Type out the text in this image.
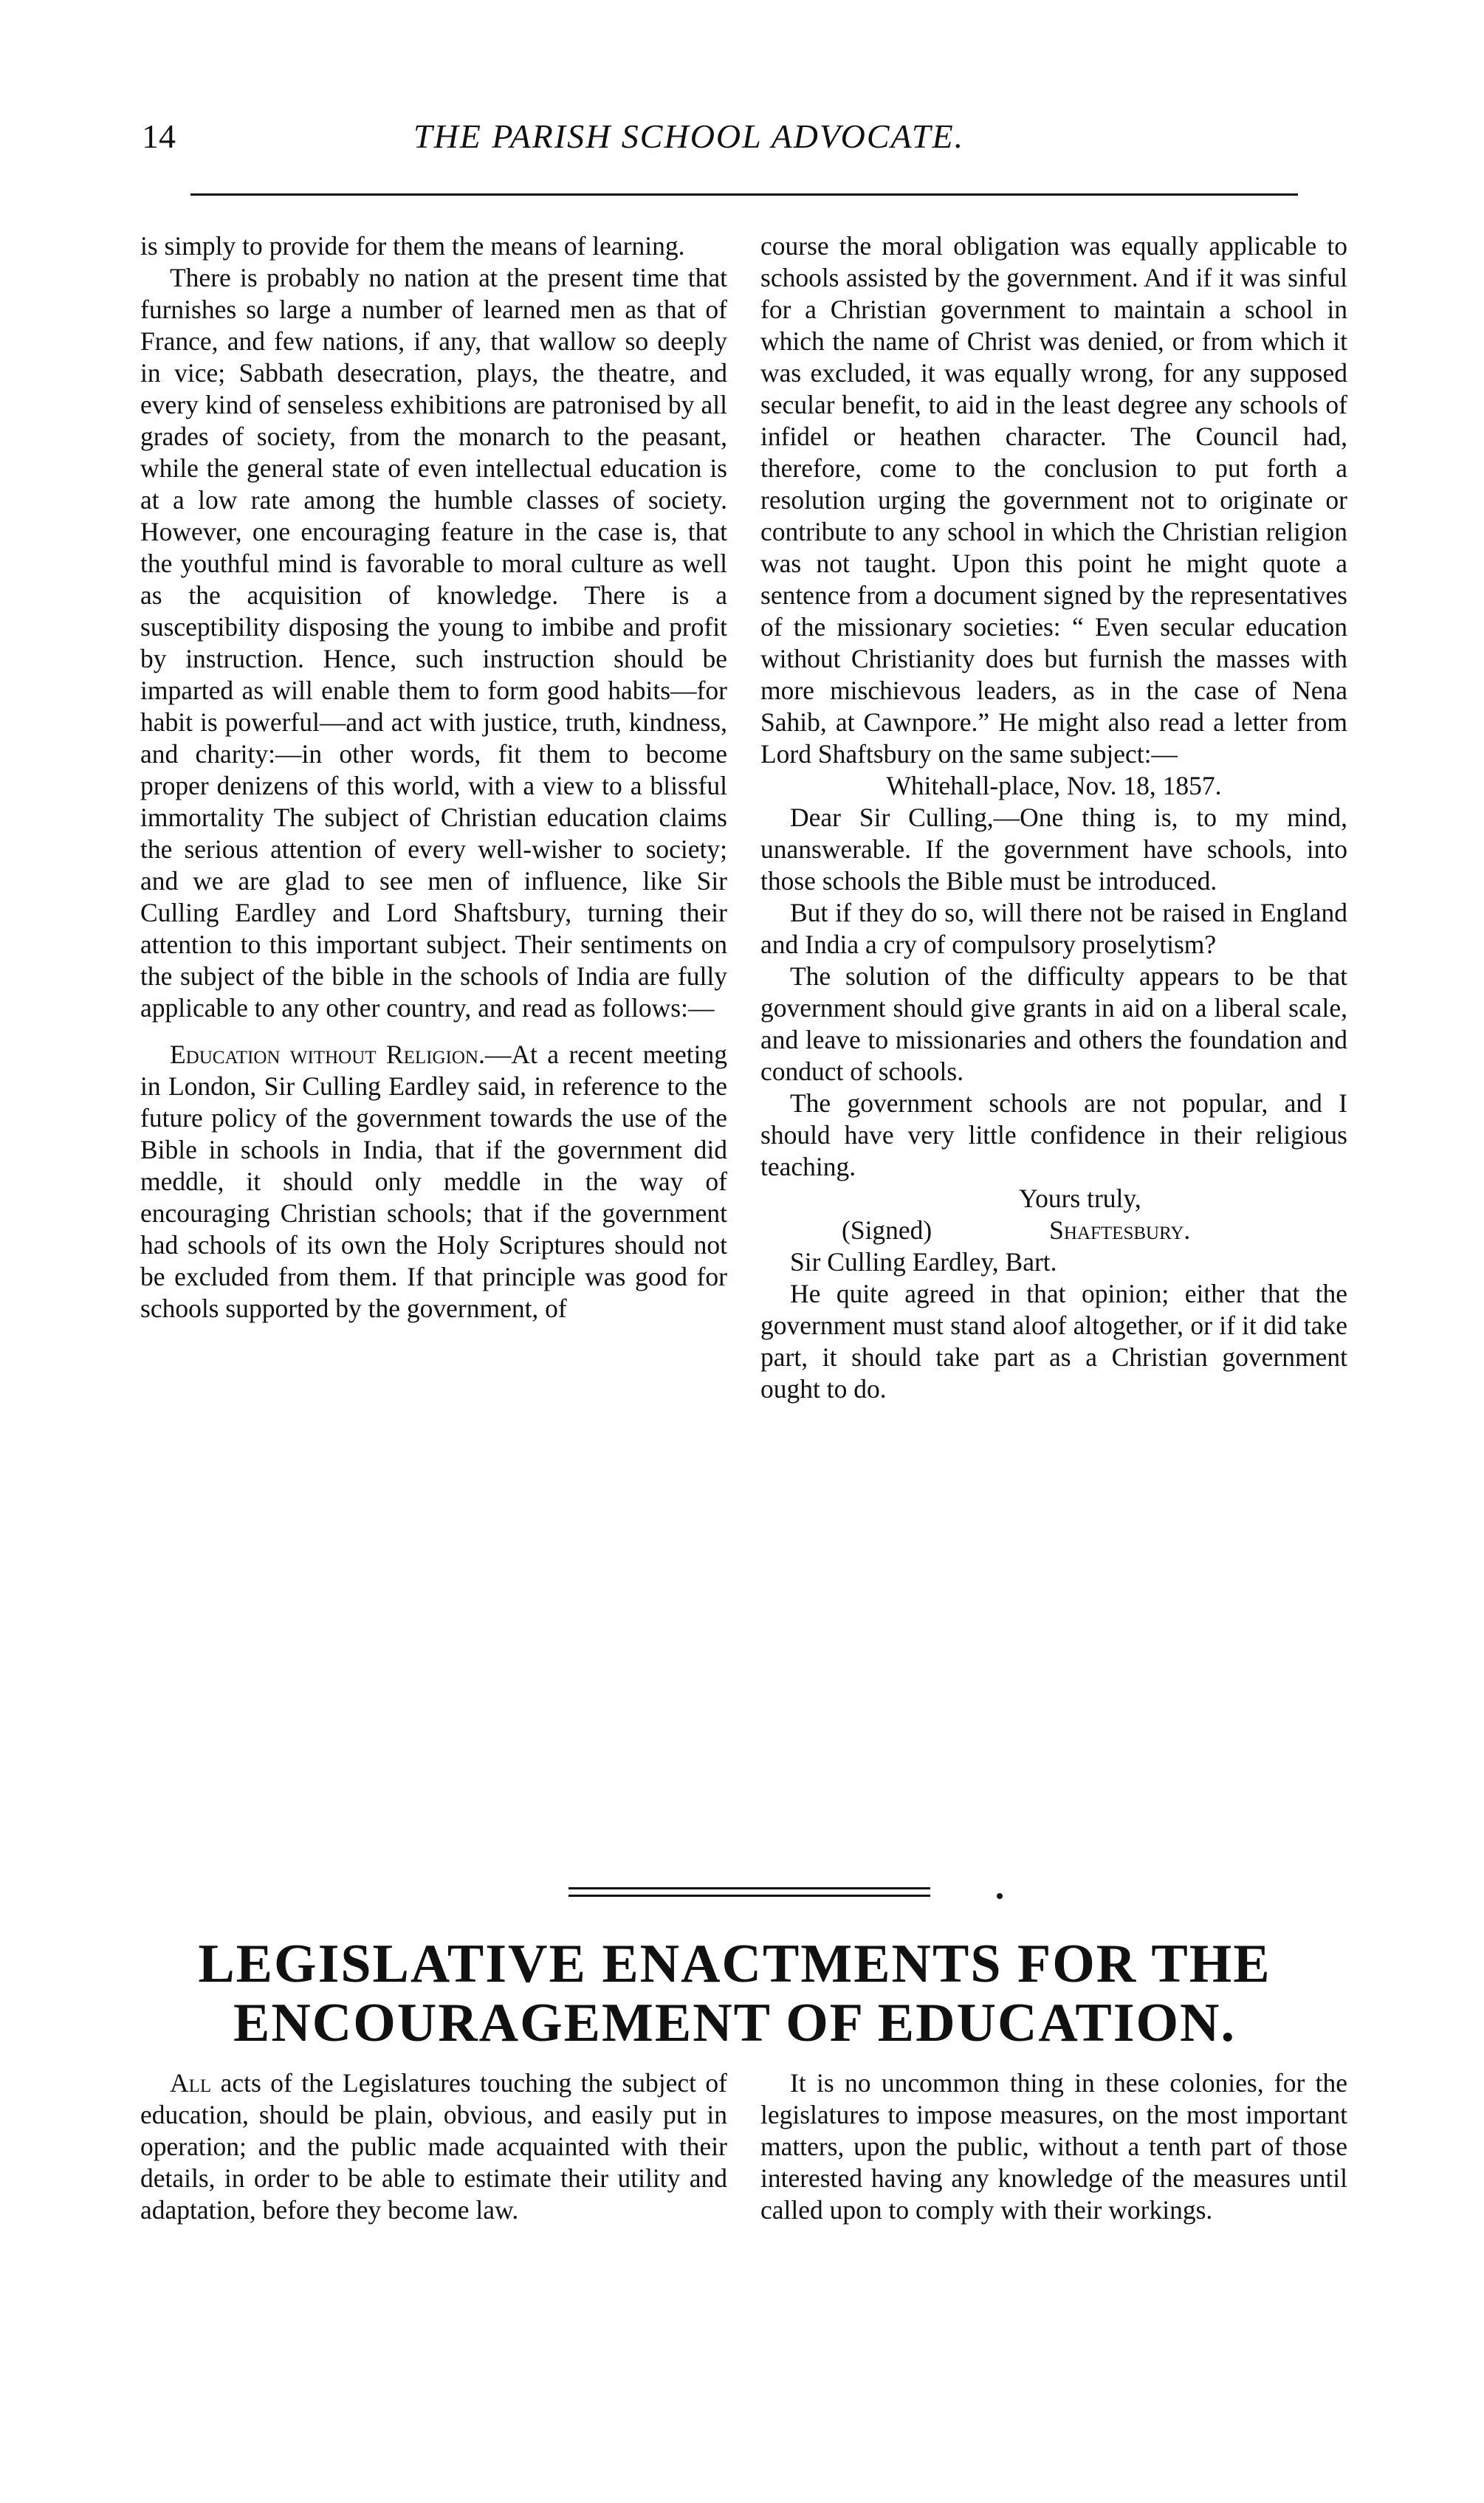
14	THE PARISH SCHOOL ADVOCATE.

is simply to provide for them the means of learning.

There is probably no nation at the present time that furnishes so large a number of learned men as that of France, and few nations, if any, that wallow so deeply in vice; Sabbath desecration, plays, the theatre, and every kind of senseless exhibitions are patronised by all grades of society, from the monarch to the peasant, while the general state of even intellectual education is at a low rate among the humble classes of society. However, one encouraging feature in the case is, that the youthful mind is favorable to moral culture as well as the acquisition of knowledge. There is a susceptibility disposing the young to imbibe and profit by instruction. Hence, such instruction should be imparted as will enable them to form good habits—for habit is powerful—and act with justice, truth, kindness, and charity:—in other words, fit them to become proper denizens of this world, with a view to a blissful immortality The subject of Christian education claims the serious attention of every well-wisher to society; and we are glad to see men of influence, like Sir Culling Eardley and Lord Shaftsbury, turning their attention to this important subject. Their sentiments on the subject of the bible in the schools of India are fully applicable to any other country, and read as follows:—

Education without Religion.—At a recent meeting in London, Sir Culling Eardley said, in reference to the future policy of the government towards the use of the Bible in schools in India, that if the government did meddle, it should only meddle in the way of encouraging Christian schools; that if the government had schools of its own the Holy Scriptures should not be excluded from them. If that principle was good for schools supported by the government, of

course the moral obligation was equally applicable to schools assisted by the government. And if it was sinful for a Christian government to maintain a school in which the name of Christ was denied, or from which it was excluded, it was equally wrong, for any supposed secular benefit, to aid in the least degree any schools of infidel or heathen character. The Council had, therefore, come to the conclusion to put forth a resolution urging the government not to originate or contribute to any school in which the Christian religion was not taught. Upon this point he might quote a sentence from a document signed by the representatives of the missionary societies: “ Even secular education without Christianity does but furnish the masses with more mischievous leaders, as in the case of Nena Sahib, at Cawnpore.” He might also read a letter from Lord Shaftsbury on the same subject:—

Whitehall-place, Nov. 18, 1857.

Dear Sir Culling,—One thing is, to my mind, unanswerable. If the government have schools, into those schools the Bible must be introduced.

But if they do so, will there not be raised in England and India a cry of compulsory proselytism?

The solution of the difficulty appears to be that government should give grants in aid on a liberal scale, and leave to missionaries and others the foundation and conduct of schools.

The government schools are not popular, and I should have very little confidence in their religious teaching.

Yours truly,

(Signed)	Shaftesbury.

Sir Culling Eardley, Bart.

He quite agreed in that opinion; either that the government must stand aloof altogether, or if it did take part, it should take part as a Christian government ought to do.

LEGISLATIVE ENACTMENTS FOR THE
ENCOURAGEMENT OF EDUCATION.

All acts of the Legislatures touching the subject of education, should be plain, obvious, and easily put in operation; and the public made acquainted with their details, in order to be able to estimate their utility and adaptation, before they become law.

It is no uncommon thing in these colonies, for the legislatures to impose measures, on the most important matters, upon the public, without a tenth part of those interested having any knowledge of the measures until called upon to comply with their workings.
